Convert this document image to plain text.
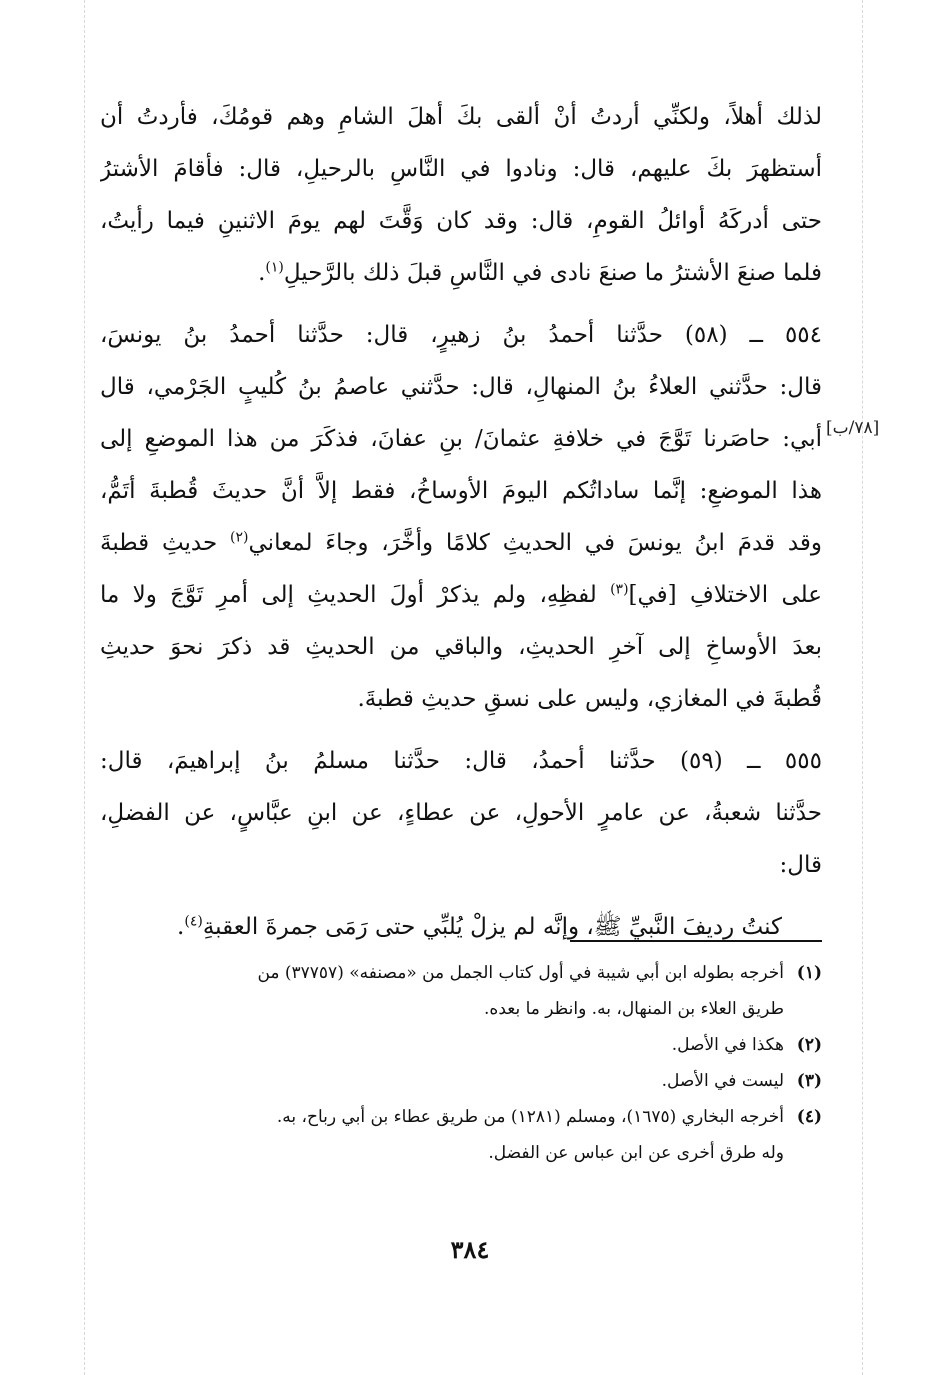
لذلك أهلاً، ولكنِّي أردتُ أنْ ألقى بكَ أهلَ الشامِ وهم قومُكَ، فأردتُ أن
أستظهرَ بكَ عليهم، قال: ونادوا في النَّاسِ بالرحيلِ، قال: فأقامَ الأشترُ
حتى أدركَهُ أوائلُ القومِ، قال: وقد كان وَقَّتَ لهم يومَ الاثنينِ فيما رأيتُ،
فلما صنعَ الأشترُ ما صنعَ نادى في النَّاسِ قبلَ ذلك بالرَّحيلِ$^{(١)}$.
٥٥٤ ــ (٥٨) حدَّثنا أحمدُ بنُ زهيرٍ، قال: حدَّثنا أحمدُ بنُ يونسَ،
قال: حدَّثني العلاءُ بنُ المنهالِ، قال: حدَّثني عاصمُ بنُ كُليبٍ الجَرْمي، قال
أبي: حاصَرنا تَوَّجَ في خلافةِ عثمانَ/ بنِ عفانَ، فذكَرَ من هذا الموضعِ إلى
هذا الموضعِ: إنَّما ساداتُكم اليومَ الأوساخُ، فقط إلاَّ أنَّ حديثَ قُطبةَ أتَمُّ،
وقد قدمَ ابنُ يونسَ في الحديثِ كلامًا وأخَّرَ، وجاءَ لمعاني$^{(٢)}$ حديثِ قطبةَ
على الاختلافِ [في]$^{(٣)}$ لفظِهِ، ولم يذكرْ أولَ الحديثِ إلى أمرِ تَوَّجَ ولا ما
بعدَ الأوساخِ إلى آخرِ الحديثِ، والباقي من الحديثِ قد ذكرَ نحوَ حديثِ
قُطبةَ في المغازي، وليس على نسقِ حديثِ قطبةَ.
٥٥٥ ــ (٥٩) حدَّثنا أحمدُ، قال: حدَّثنا مسلمُ بنُ إبراهيمَ، قال:
حدَّثنا شعبةُ، عن عامرٍ الأحولِ، عن عطاءٍ، عن ابنِ عبَّاسٍ، عن الفضلِ،
قال:
كنتُ رديفَ النَّبيِّ ﷺ، وإنَّه لم يزلْ يُلبِّي حتى رَمَى جمرةَ العقبةِ$^{(٤)}$.
[٧٨/ب]
(١)أخرجه بطوله ابن أبي شيبة في أول كتاب الجمل من «مصنفه» (٣٧٧٥٧) من
طريق العلاء بن المنهال، به. وانظر ما بعده.
(٢)هكذا في الأصل.
(٣)ليست في الأصل.
(٤)أخرجه البخاري (١٦٧٥)، ومسلم (١٢٨١) من طريق عطاء بن أبي رباح، به.
وله طرق أخرى عن ابن عباس عن الفضل.
٣٨٤
